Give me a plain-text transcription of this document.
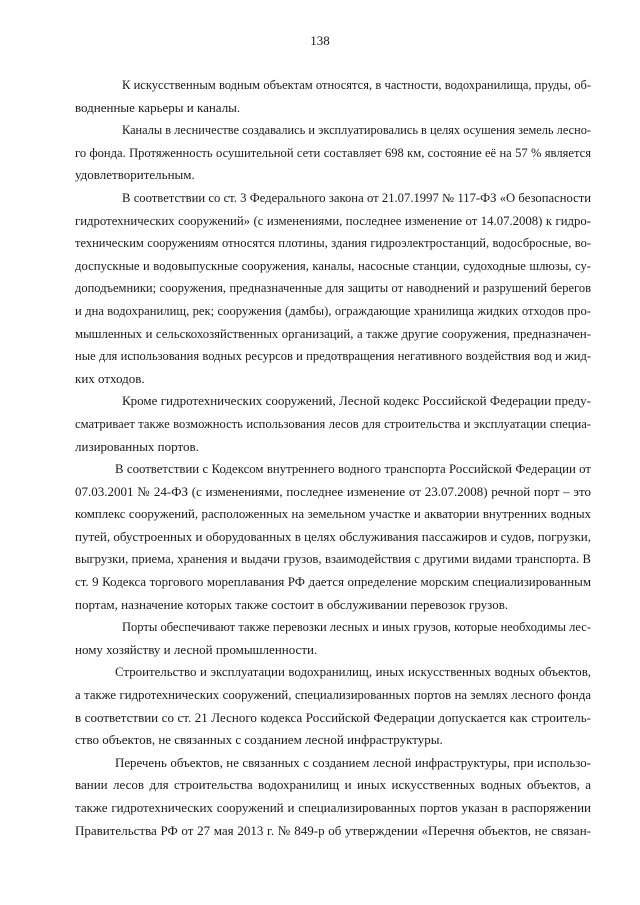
138

К искусственным водным объектам относятся, в частности, водохранилища, пруды, об-
водненные карьеры и каналы.

Каналы в лесничестве создавались и эксплуатировались в целях осушения земель лесно-
го фонда. Протяженность осушительной сети составляет 698 км, состояние её на 57 % является
удовлетворительным.

В соответствии со ст. 3 Федерального закона от 21.07.1997 № 117-ФЗ «О безопасности
гидротехнических сооружений» (с изменениями, последнее изменение от 14.07.2008) к гидро-
техническим сооружениям относятся плотины, здания гидроэлектростанций, водосбросные, во-
доспускные и водовыпускные сооружения, каналы, насосные станции, судоходные шлюзы, су-
доподъемники; сооружения, предназначенные для защиты от наводнений и разрушений берегов
и дна водохранилищ, рек; сооружения (дамбы), ограждающие хранилища жидких отходов про-
мышленных и сельскохозяйственных организаций, а также другие сооружения, предназначен-
ные для использования водных ресурсов и предотвращения негативного воздействия вод и жид-
ких отходов.

Кроме гидротехнических сооружений, Лесной кодекс Российской Федерации преду-
сматривает также возможность использования лесов для строительства и эксплуатации специа-
лизированных портов.

В соответствии с Кодексом внутреннего водного транспорта Российской Федерации от
07.03.2001 № 24-ФЗ (с изменениями, последнее изменение от 23.07.2008) речной порт – это
комплекс сооружений, расположенных на земельном участке и акватории внутренних водных
путей, обустроенных и оборудованных в целях обслуживания пассажиров и судов, погрузки,
выгрузки, приема, хранения и выдачи грузов, взаимодействия с другими видами транспорта. В
ст. 9 Кодекса торгового мореплавания РФ дается определение морским специализированным
портам, назначение которых также состоит в обслуживании перевозок грузов.

Порты обеспечивают также перевозки лесных и иных грузов, которые необходимы лес-
ному хозяйству и лесной промышленности.

Строительство и эксплуатации водохранилищ, иных искусственных водных объектов,
а также гидротехнических сооружений, специализированных портов на землях лесного фонда
в соответствии со ст. 21 Лесного кодекса Российской Федерации допускается как строитель-
ство объектов, не связанных с созданием лесной инфраструктуры.

Перечень объектов, не связанных с созданием лесной инфраструктуры, при использо-
вании лесов для строительства водохранилищ и иных искусственных водных объектов, а
также гидротехнических сооружений и специализированных портов указан в распоряжении
Правительства РФ от 27 мая 2013 г. № 849-р об утверждении «Перечня объектов, не связан-
